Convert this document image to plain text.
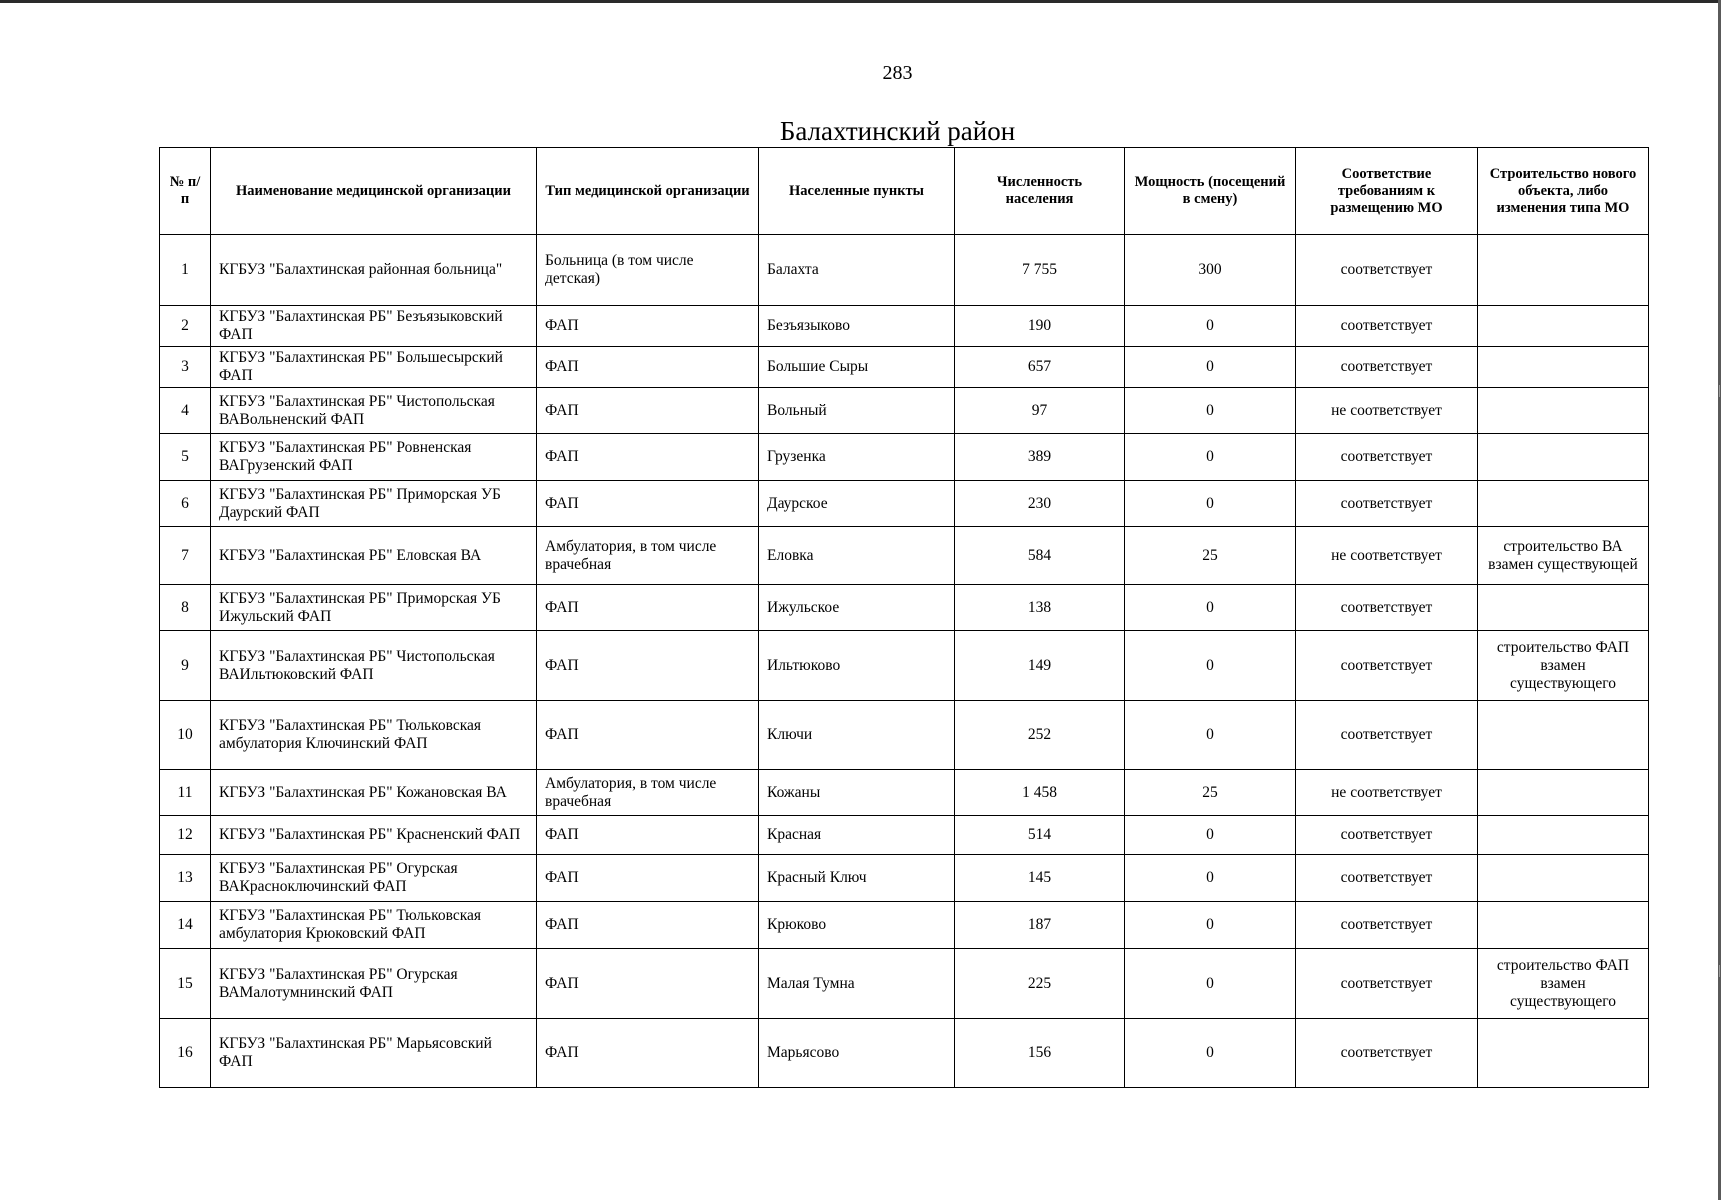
283
Балахтинский район
№ п/п	Наименование медицинской организации	Тип медицинской организации	Населенные пункты	Численность населения	Мощность (посещений в смену)	Соответствие требованиям к размещению МО	Строительство нового объекта, либо изменения типа МО
1	КГБУЗ "Балахтинская районная больница"	Больница (в том числе детская)	Балахта	7 755	300	соответствует	
2	КГБУЗ "Балахтинская РБ" Безъязыковский ФАП	ФАП	Безъязыково	190	0	соответствует	
3	КГБУЗ "Балахтинская РБ" Большесырский ФАП	ФАП	Большие Сыры	657	0	соответствует	
4	КГБУЗ "Балахтинская РБ" Чистопольская ВАВольненский ФАП	ФАП	Вольный	97	0	не соответствует	
5	КГБУЗ "Балахтинская РБ" Ровненская ВАГрузенский ФАП	ФАП	Грузенка	389	0	соответствует	
6	КГБУЗ "Балахтинская РБ" Приморская УБ Даурский ФАП	ФАП	Даурское	230	0	соответствует	
7	КГБУЗ "Балахтинская РБ" Еловская ВА	Амбулатория, в том числе врачебная	Еловка	584	25	не соответствует	строительство ВА взамен существующей
8	КГБУЗ "Балахтинская РБ" Приморская УБ Ижульский ФАП	ФАП	Ижульское	138	0	соответствует	
9	КГБУЗ "Балахтинская РБ" Чистопольская ВАИльтюковский ФАП	ФАП	Ильтюково	149	0	соответствует	строительство ФАП взамен существующего
10	КГБУЗ "Балахтинская РБ" Тюльковская амбулатория Ключинский ФАП	ФАП	Ключи	252	0	соответствует	
11	КГБУЗ "Балахтинская РБ" Кожановская ВА	Амбулатория, в том числе врачебная	Кожаны	1 458	25	не соответствует	
12	КГБУЗ "Балахтинская РБ" Красненский ФАП	ФАП	Красная	514	0	соответствует	
13	КГБУЗ "Балахтинская РБ" Огурская ВАКрасноключинский ФАП	ФАП	Красный Ключ	145	0	соответствует	
14	КГБУЗ "Балахтинская РБ" Тюльковская амбулатория Крюковский ФАП	ФАП	Крюково	187	0	соответствует	
15	КГБУЗ "Балахтинская РБ" Огурская ВАМалотумнинский ФАП	ФАП	Малая Тумна	225	0	соответствует	строительство ФАП взамен существующего
16	КГБУЗ "Балахтинская РБ" Марьясовский ФАП	ФАП	Марьясово	156	0	соответствует	
